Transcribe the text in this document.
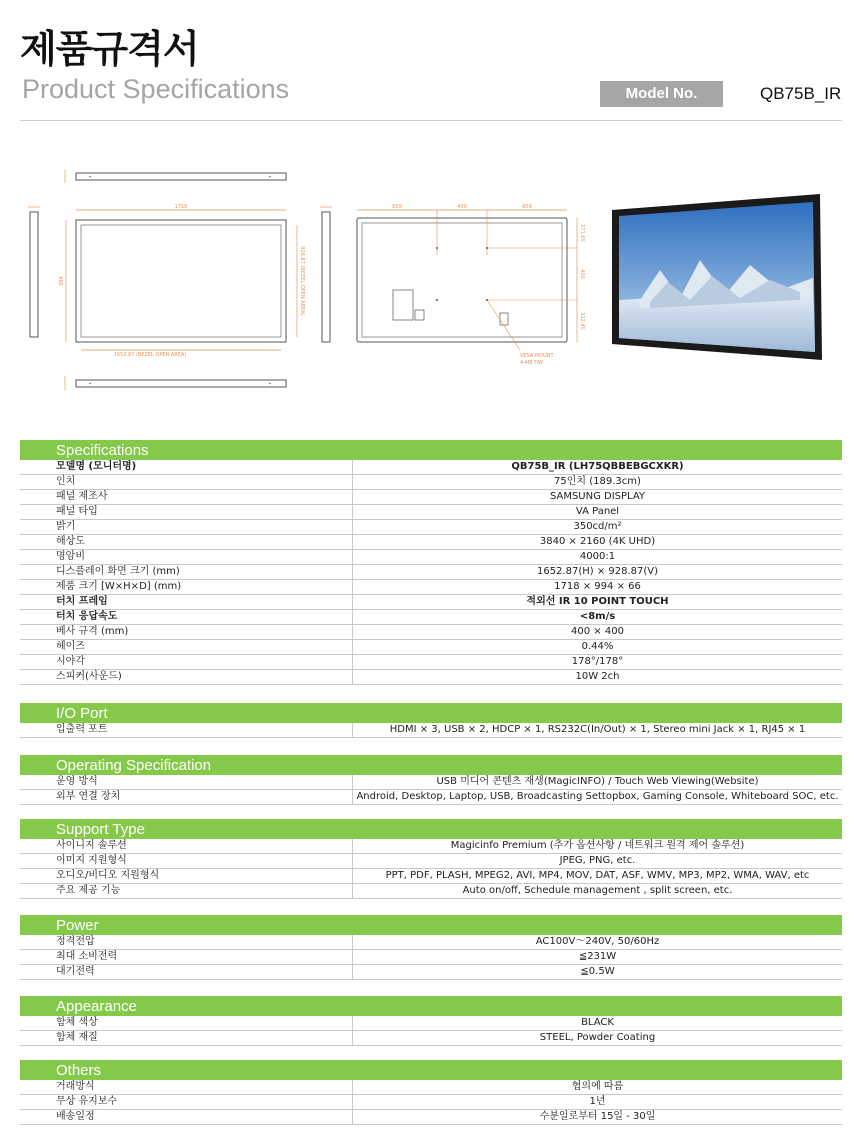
제품규격서
Product Specifications	Model No.	QB75B_IR
1718
1652.87 (BEZEL OPEN AREA)
994	928.87 (BEZEL OPEN AREA)
659	400	659
271.65
400
322.45
VESA MOUNT
4-M8 TAP
Specifications
모델명 (모니터명)	QB75B_IR (LH75QBBEBGCXKR)
인치	75인치 (189.3cm)
패널 제조사	SAMSUNG DISPLAY
패널 타입	VA Panel
밝기	350cd/m²
해상도	3840 × 2160 (4K UHD)
명암비	4000:1
디스플레이 화면 크기 (mm)	1652.87(H) × 928.87(V)
제품 크기 [W×H×D] (mm)	1718 × 994 × 66
터치 프레임	적외선 IR 10 POINT TOUCH
터치 응답속도	<8m/s
베사 규격 (mm)	400 × 400
헤이즈	0.44%
시야각	178°/178°
스피커(사운드)	10W 2ch
I/O Port
입출력 포트	HDMI × 3, USB × 2, HDCP × 1, RS232C(In/Out) × 1, Stereo mini Jack × 1, RJ45 × 1
Operating Specification
운영 방식	USB 미디어 콘텐츠 재생(MagicINFO) / Touch Web Viewing(Website)
외부 연결 장치	Android, Desktop, Laptop, USB, Broadcasting Settopbox, Gaming Console, Whiteboard SOC, etc.
Support Type
사이니지 솔루션	Magicinfo Premium (추가 옵션사항 / 네트워크 원격 제어 솔루션)
이미지 지원형식	JPEG, PNG, etc.
오디오/비디오 지원형식	PPT, PDF, PLASH, MPEG2, AVI, MP4, MOV, DAT, ASF, WMV, MP3, MP2, WMA, WAV, etc
주요 제공 기능	Auto on/off, Schedule management , split screen, etc.
Power
정격전압	AC100V～240V, 50/60Hz
최대 소비전력	≦231W
대기전력	≦0.5W
Appearance
함체 색상	BLACK
함체 재질	STEEL, Powder Coating
Others
거래방식	협의에 따름
무상 유지보수	1년
배송일정	수분일로부터 15일 - 30일
